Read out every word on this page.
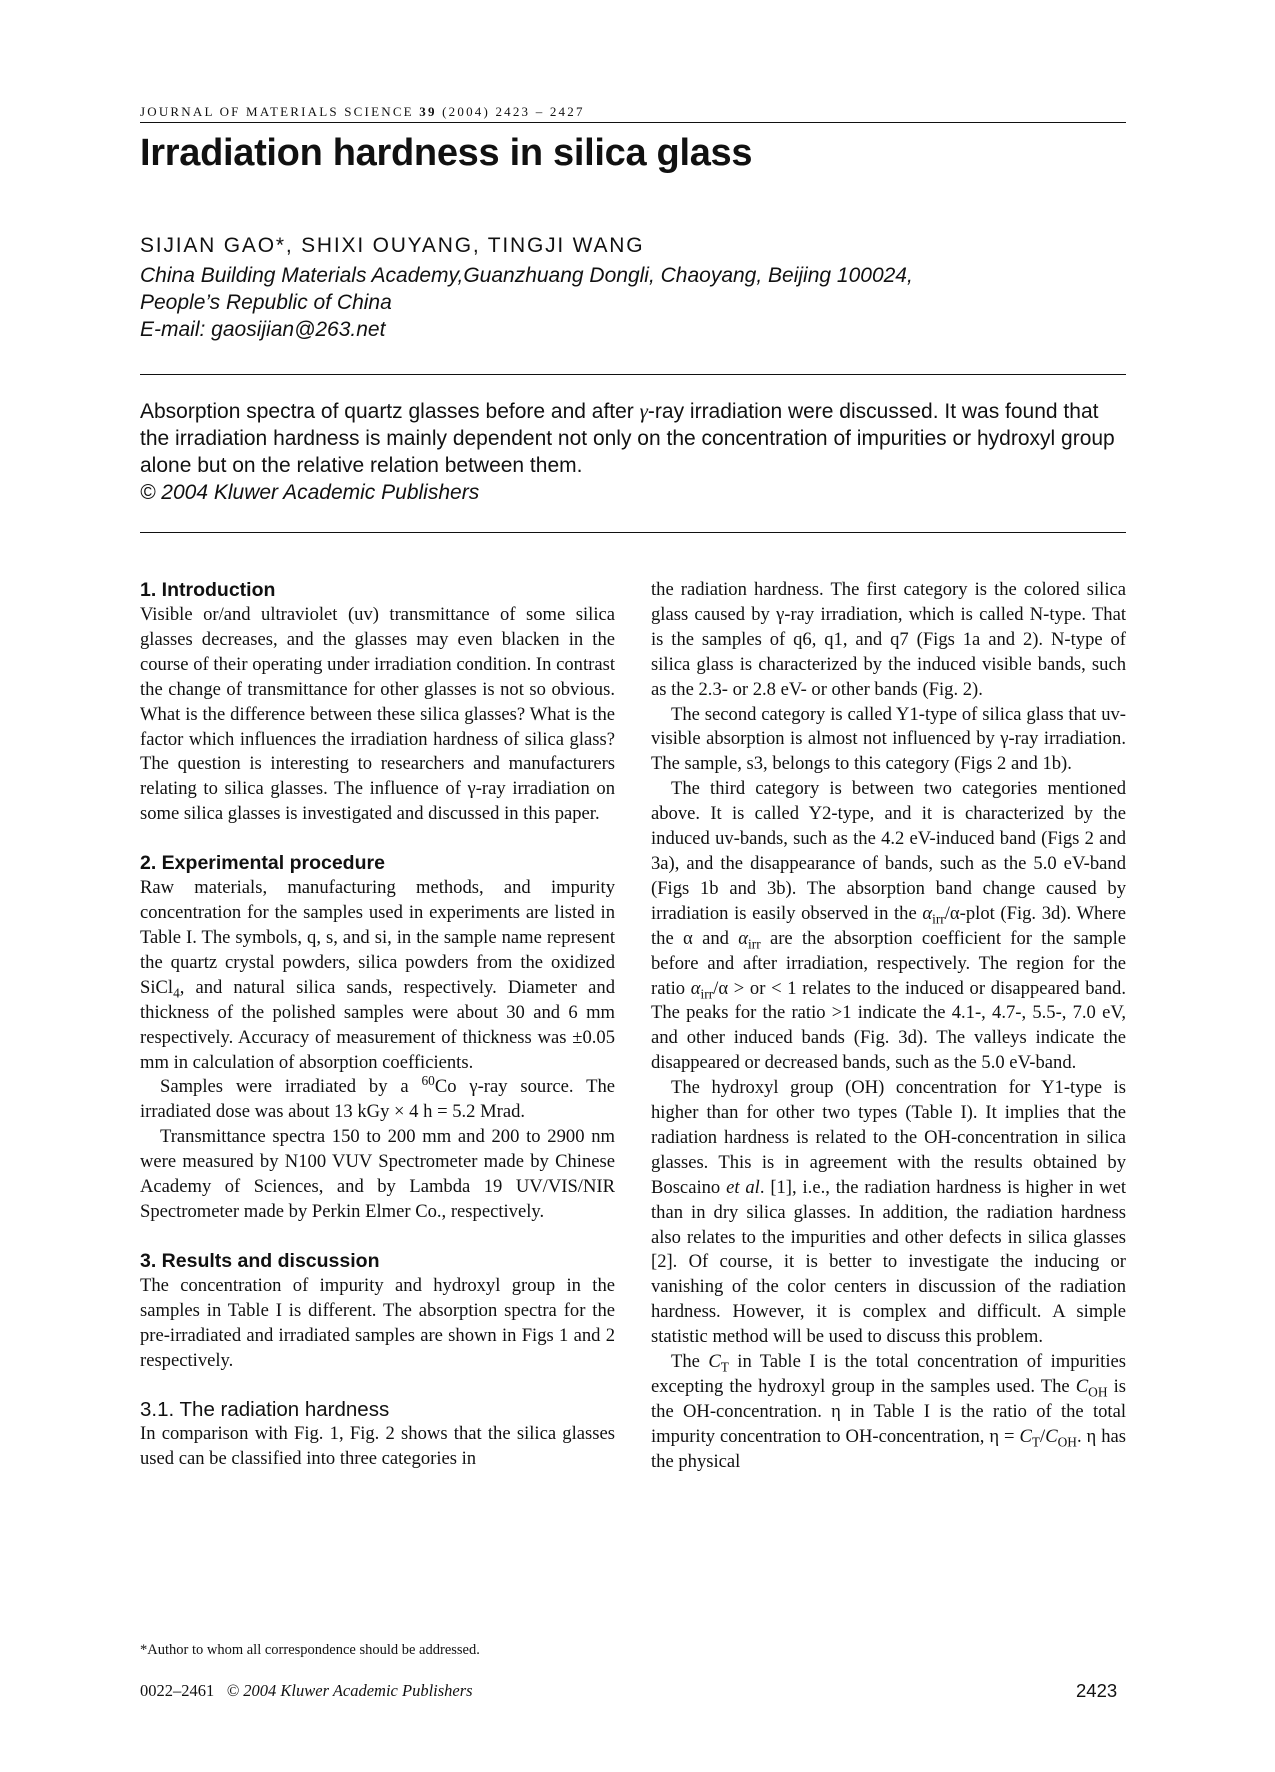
JOURNAL OF MATERIALS SCIENCE 39 (2004) 2423 – 2427
Irradiation hardness in silica glass
SIJIAN GAO*, SHIXI OUYANG, TINGJI WANG
China Building Materials Academy,Guanzhuang Dongli, Chaoyang, Beijing 100024,
People’s Republic of China
E-mail: gaosijian@263.net

Absorption spectra of quartz glasses before and after γ-ray irradiation were discussed. It was found that the irradiation hardness is mainly dependent not only on the concentration of impurities or hydroxyl group alone but on the relative relation between them.

© 2004 Kluwer Academic Publishers

1. Introduction

Visible or/and ultraviolet (uv) transmittance of some silica glasses decreases, and the glasses may even blacken in the course of their operating under irradiation condition. In contrast the change of transmittance for other glasses is not so obvious. What is the difference between these silica glasses? What is the factor which influences the irradiation hardness of silica glass? The question is interesting to researchers and manufacturers relating to silica glasses. The influence of γ-ray irradiation on some silica glasses is investigated and discussed in this paper.

2. Experimental procedure

Raw materials, manufacturing methods, and impurity concentration for the samples used in experiments are listed in Table I. The symbols, q, s, and si, in the sample name represent the quartz crystal powders, silica powders from the oxidized SiCl$_4$, and natural silica sands, respectively. Diameter and thickness of the polished samples were about 30 and 6 mm respectively. Accuracy of measurement of thickness was ±0.05 mm in calculation of absorption coefficients.

Samples were irradiated by a $^{60}$Co γ-ray source. The irradiated dose was about 13 kGy × 4 h = 5.2 Mrad.

Transmittance spectra 150 to 200 mm and 200 to 2900 nm were measured by N100 VUV Spectrometer made by Chinese Academy of Sciences, and by Lambda 19 UV/VIS/NIR Spectrometer made by Perkin Elmer Co., respectively.

3. Results and discussion

The concentration of impurity and hydroxyl group in the samples in Table I is different. The absorption spectra for the pre-irradiated and irradiated samples are shown in Figs 1 and 2 respectively.

3.1. The radiation hardness

In comparison with Fig. 1, Fig. 2 shows that the silica glasses used can be classified into three categories in

the radiation hardness. The first category is the colored silica glass caused by γ-ray irradiation, which is called N-type. That is the samples of q6, q1, and q7 (Figs 1a and 2). N-type of silica glass is characterized by the induced visible bands, such as the 2.3- or 2.8 eV- or other bands (Fig. 2).

The second category is called Y1-type of silica glass that uv-visible absorption is almost not influenced by γ-ray irradiation. The sample, s3, belongs to this category (Figs 2 and 1b).

The third category is between two categories mentioned above. It is called Y2-type, and it is characterized by the induced uv-bands, such as the 4.2 eV-induced band (Figs 2 and 3a), and the disappearance of bands, such as the 5.0 eV-band (Figs 1b and 3b). The absorption band change caused by irradiation is easily observed in the $\alpha_{irr}/\alpha$-plot (Fig. 3d). Where the α and $\alpha_{irr}$ are the absorption coefficient for the sample before and after irradiation, respectively. The region for the ratio $\alpha_{irr}/\alpha$ > or < 1 relates to the induced or disappeared band. The peaks for the ratio >1 indicate the 4.1-, 4.7-, 5.5-, 7.0 eV, and other induced bands (Fig. 3d). The valleys indicate the disappeared or decreased bands, such as the 5.0 eV-band.

The hydroxyl group (OH) concentration for Y1-type is higher than for other two types (Table I). It implies that the radiation hardness is related to the OH-concentration in silica glasses. This is in agreement with the results obtained by Boscaino et al. [1], i.e., the radiation hardness is higher in wet than in dry silica glasses. In addition, the radiation hardness also relates to the impurities and other defects in silica glasses [2]. Of course, it is better to investigate the inducing or vanishing of the color centers in discussion of the radiation hardness. However, it is complex and difficult. A simple statistic method will be used to discuss this problem.

The $C_T$ in Table I is the total concentration of impurities excepting the hydroxyl group in the samples used. The $C_{OH}$ is the OH-concentration. η in Table I is the ratio of the total impurity concentration to OH-concentration, $\eta = C_T/C_{OH}$. η has the physical

*Author to whom all correspondence should be addressed.
0022–2461 © 2004 Kluwer Academic Publishers	2423
